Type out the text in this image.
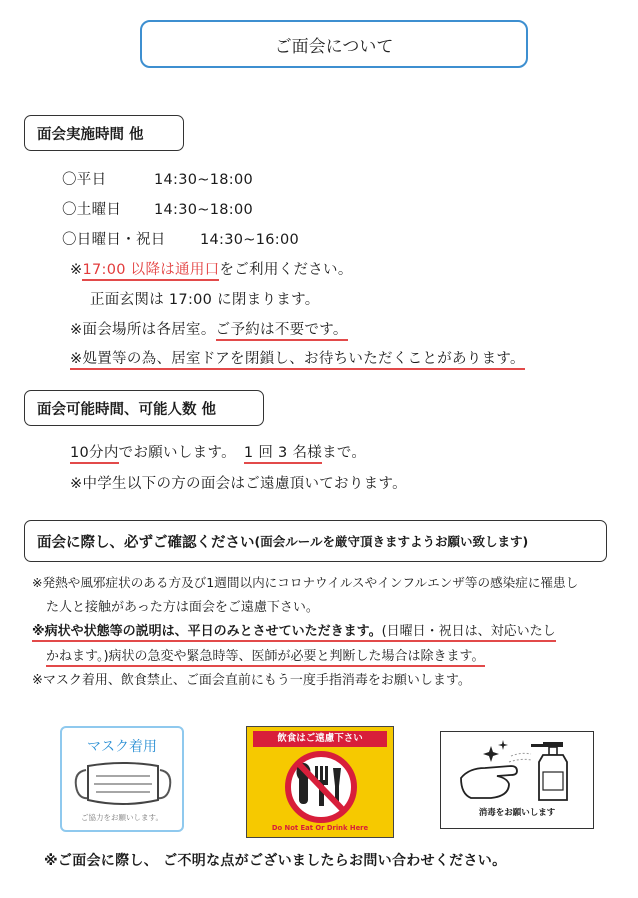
ご面会について
面会実施時間 他
〇平日	14:30~18:00
〇土曜日 14:30~18:00
〇日曜日・祝日 14:30~16:00
※17:00 以降は通用口をご利用ください。
正面玄関は 17:00 に閉まります。
※面会場所は各居室。ご予約は不要です。
※処置等の為、居室ドアを閉鎖し、お待ちいただくことがあります。
面会可能時間、可能人数 他
10分内でお願いします。 1 回 3 名様まで。
※中学生以下の方の面会はご遠慮頂いております。
面会に際し、必ずご確認ください (面会ルールを厳守頂きますようお願い致します)
※発熱や風邪症状のある方及び1週間以内にコロナウイルスやインフルエンザ等の感染症に罹患し
た人と接触があった方は面会をご遠慮下さい。
※病状や状態等の説明は、平日のみとさせていただきます。(日曜日・祝日は、対応いたし
かねます。)病状の急変や緊急時等、医師が必要と判断した場合は除きます。
※マスク着用、飲食禁止、ご面会直前にもう一度手指消毒をお願いします。
マスク着用
ご協力をお願いします。
飲食はご遠慮下さい
Do Not Eat Or Drink Here
消毒をお願いします
※ご面会に際し、 ご不明な点がございましたらお問い合わせください。
